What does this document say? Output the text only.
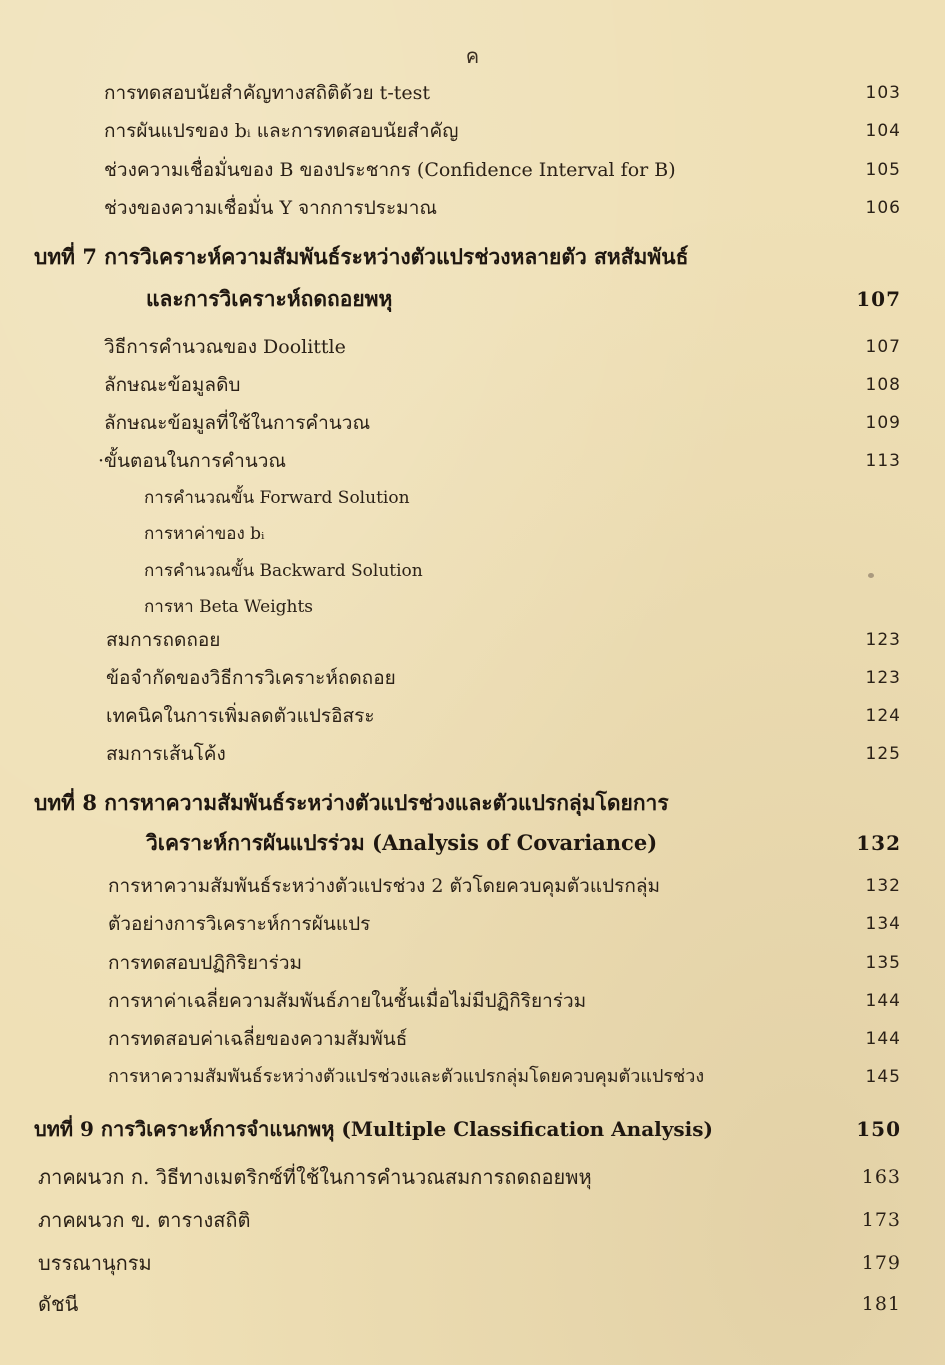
ค
การทดสอบนัยสำคัญทางสถิติด้วย t-test	103
การผันแปรของ bᵢ และการทดสอบนัยสำคัญ	104
ช่วงความเชื่อมั่นของ B ของประชากร (Confidence Interval for B)	105
ช่วงของความเชื่อมั่น Y จากการประมาณ	106
บทที่ 7 การวิเคราะห์ความสัมพันธ์ระหว่างตัวแปรช่วงหลายตัว สหสัมพันธ์
และการวิเคราะห์ถดถอยพหุ	107
วิธีการคำนวณของ Doolittle	107
ลักษณะข้อมูลดิบ	108
ลักษณะข้อมูลที่ใช้ในการคำนวณ	109
·ขั้นตอนในการคำนวณ	113
การคำนวณขั้น Forward Solution
การหาค่าของ bᵢ
การคำนวณขั้น Backward Solution
การหา Beta Weights
สมการถดถอย	123
ข้อจำกัดของวิธีการวิเคราะห์ถดถอย	123
เทคนิคในการเพิ่มลดตัวแปรอิสระ	124
สมการเส้นโค้ง	125
บทที่ 8 การหาความสัมพันธ์ระหว่างตัวแปรช่วงและตัวแปรกลุ่มโดยการ
วิเคราะห์การผันแปรร่วม (Analysis of Covariance)	132
การหาความสัมพันธ์ระหว่างตัวแปรช่วง 2 ตัวโดยควบคุมตัวแปรกลุ่ม	132
ตัวอย่างการวิเคราะห์การผันแปร	134
การทดสอบปฏิกิริยาร่วม	135
การหาค่าเฉลี่ยความสัมพันธ์ภายในชั้นเมื่อไม่มีปฏิกิริยาร่วม	144
การทดสอบค่าเฉลี่ยของความสัมพันธ์	144
การหาความสัมพันธ์ระหว่างตัวแปรช่วงและตัวแปรกลุ่มโดยควบคุมตัวแปรช่วง	145
บทที่ 9 การวิเคราะห์การจำแนกพหุ (Multiple Classification Analysis)	150
ภาคผนวก ก. วิธีทางเมตริกซ์ที่ใช้ในการคำนวณสมการถดถอยพหุ	163
ภาคผนวก ข. ตารางสถิติ	173
บรรณานุกรม	179
ดัชนี	181
